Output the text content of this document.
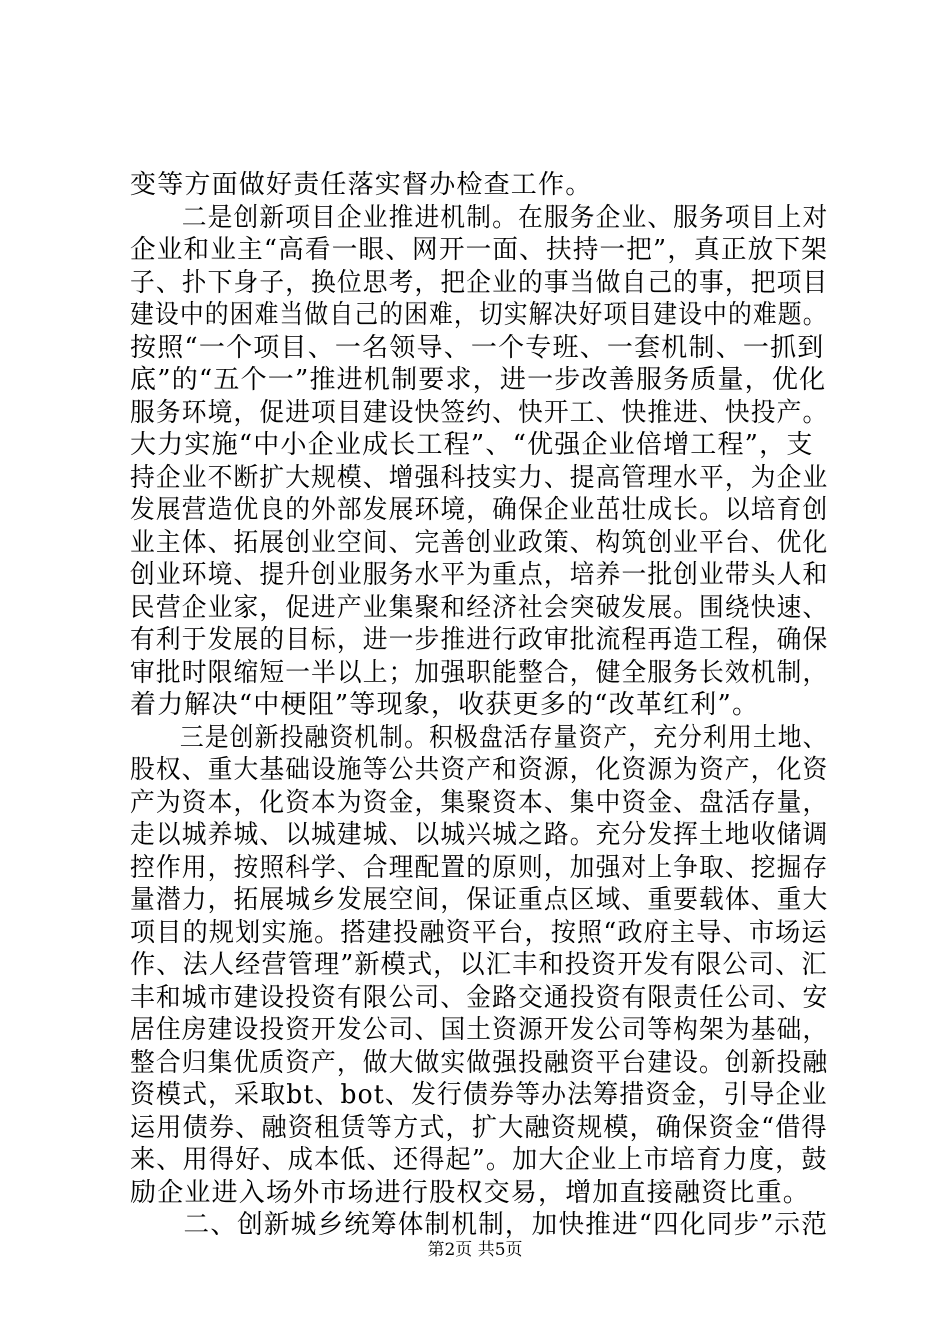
变等方面做好责任落实督办检查工作。
　　二是创新项目企业推进机制。在服务企业、服务项目上对
企业和业主“高看一眼、网开一面、扶持一把”，真正放下架
子、扑下身子，换位思考，把企业的事当做自己的事，把项目
建设中的困难当做自己的困难，切实解决好项目建设中的难题。
按照“一个项目、一名领导、一个专班、一套机制、一抓到
底”的“五个一”推进机制要求，进一步改善服务质量，优化
服务环境，促进项目建设快签约、快开工、快推进、快投产。
大力实施“中小企业成长工程”、“优强企业倍增工程”，支
持企业不断扩大规模、增强科技实力、提高管理水平，为企业
发展营造优良的外部发展环境，确保企业茁壮成长。以培育创
业主体、拓展创业空间、完善创业政策、构筑创业平台、优化
创业环境、提升创业服务水平为重点，培养一批创业带头人和
民营企业家，促进产业集聚和经济社会突破发展。围绕快速、
有利于发展的目标，进一步推进行政审批流程再造工程，确保
审批时限缩短一半以上；加强职能整合，健全服务长效机制，
着力解决“中梗阻”等现象，收获更多的“改革红利”。
　　三是创新投融资机制。积极盘活存量资产，充分利用土地、
股权、重大基础设施等公共资产和资源，化资源为资产，化资
产为资本，化资本为资金，集聚资本、集中资金、盘活存量，
走以城养城、以城建城、以城兴城之路。充分发挥土地收储调
控作用，按照科学、合理配置的原则，加强对上争取、挖掘存
量潜力，拓展城乡发展空间，保证重点区域、重要载体、重大
项目的规划实施。搭建投融资平台，按照“政府主导、市场运
作、法人经营管理”新模式，以汇丰和投资开发有限公司、汇
丰和城市建设投资有限公司、金路交通投资有限责任公司、安
居住房建设投资开发公司、国土资源开发公司等构架为基础，
整合归集优质资产，做大做实做强投融资平台建设。创新投融
资模式，采取bt、bot、发行债券等办法筹措资金，引导企业
运用债券、融资租赁等方式，扩大融资规模，确保资金“借得
来、用得好、成本低、还得起”。加大企业上市培育力度，鼓
励企业进入场外市场进行股权交易，增加直接融资比重。
　　二、创新城乡统筹体制机制，加快推进“四化同步”示范
第2页 共5页
